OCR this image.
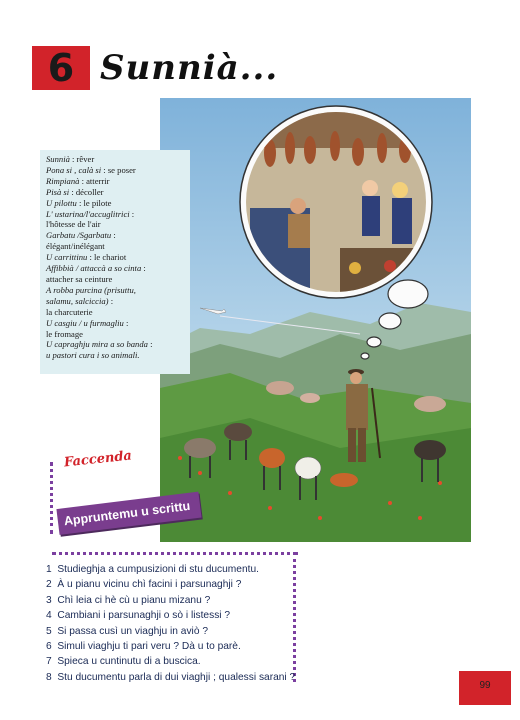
6 Sunnià...
Sunnià : rêver
Pona si , calà si : se poser
Rimpianà : atterrir
Pisà si : décoller
U pilottu : le pilote
L' ustarina/l'accuglitrici :
l'hôtesse de l'air
Garbatu /Sgarbatu :
élégant/inélégant
U carrittinu : le chariot
Affibbià / attaccà a so cinta :
attacher sa ceinture
A robba purcina (prisuttu,
salamu, salciccia) :
la charcuterie
U casgiu / u furmagliu :
le fromage
U capraghju mira a so banda :
u pastori cura i so animali.
Faccenda
Appruntemu u scrittu
1 Studieghja a cumpusizioni di stu ducumentu.
2 À u pianu vicinu chì facini i parsunaghji ?
3 Chì leia ci hè cù u pianu mizanu ?
4 Cambiani i parsunaghji o sò i listessi ?
5 Si passa cusì un viaghju in aviò ?
6 Simuli viaghju ti pari veru ? Dà u to parè.
7 Spieca u cuntinutu di a buscica.
8 Stu ducumentu parla di dui viaghji ; qualessi sarani ?
99
